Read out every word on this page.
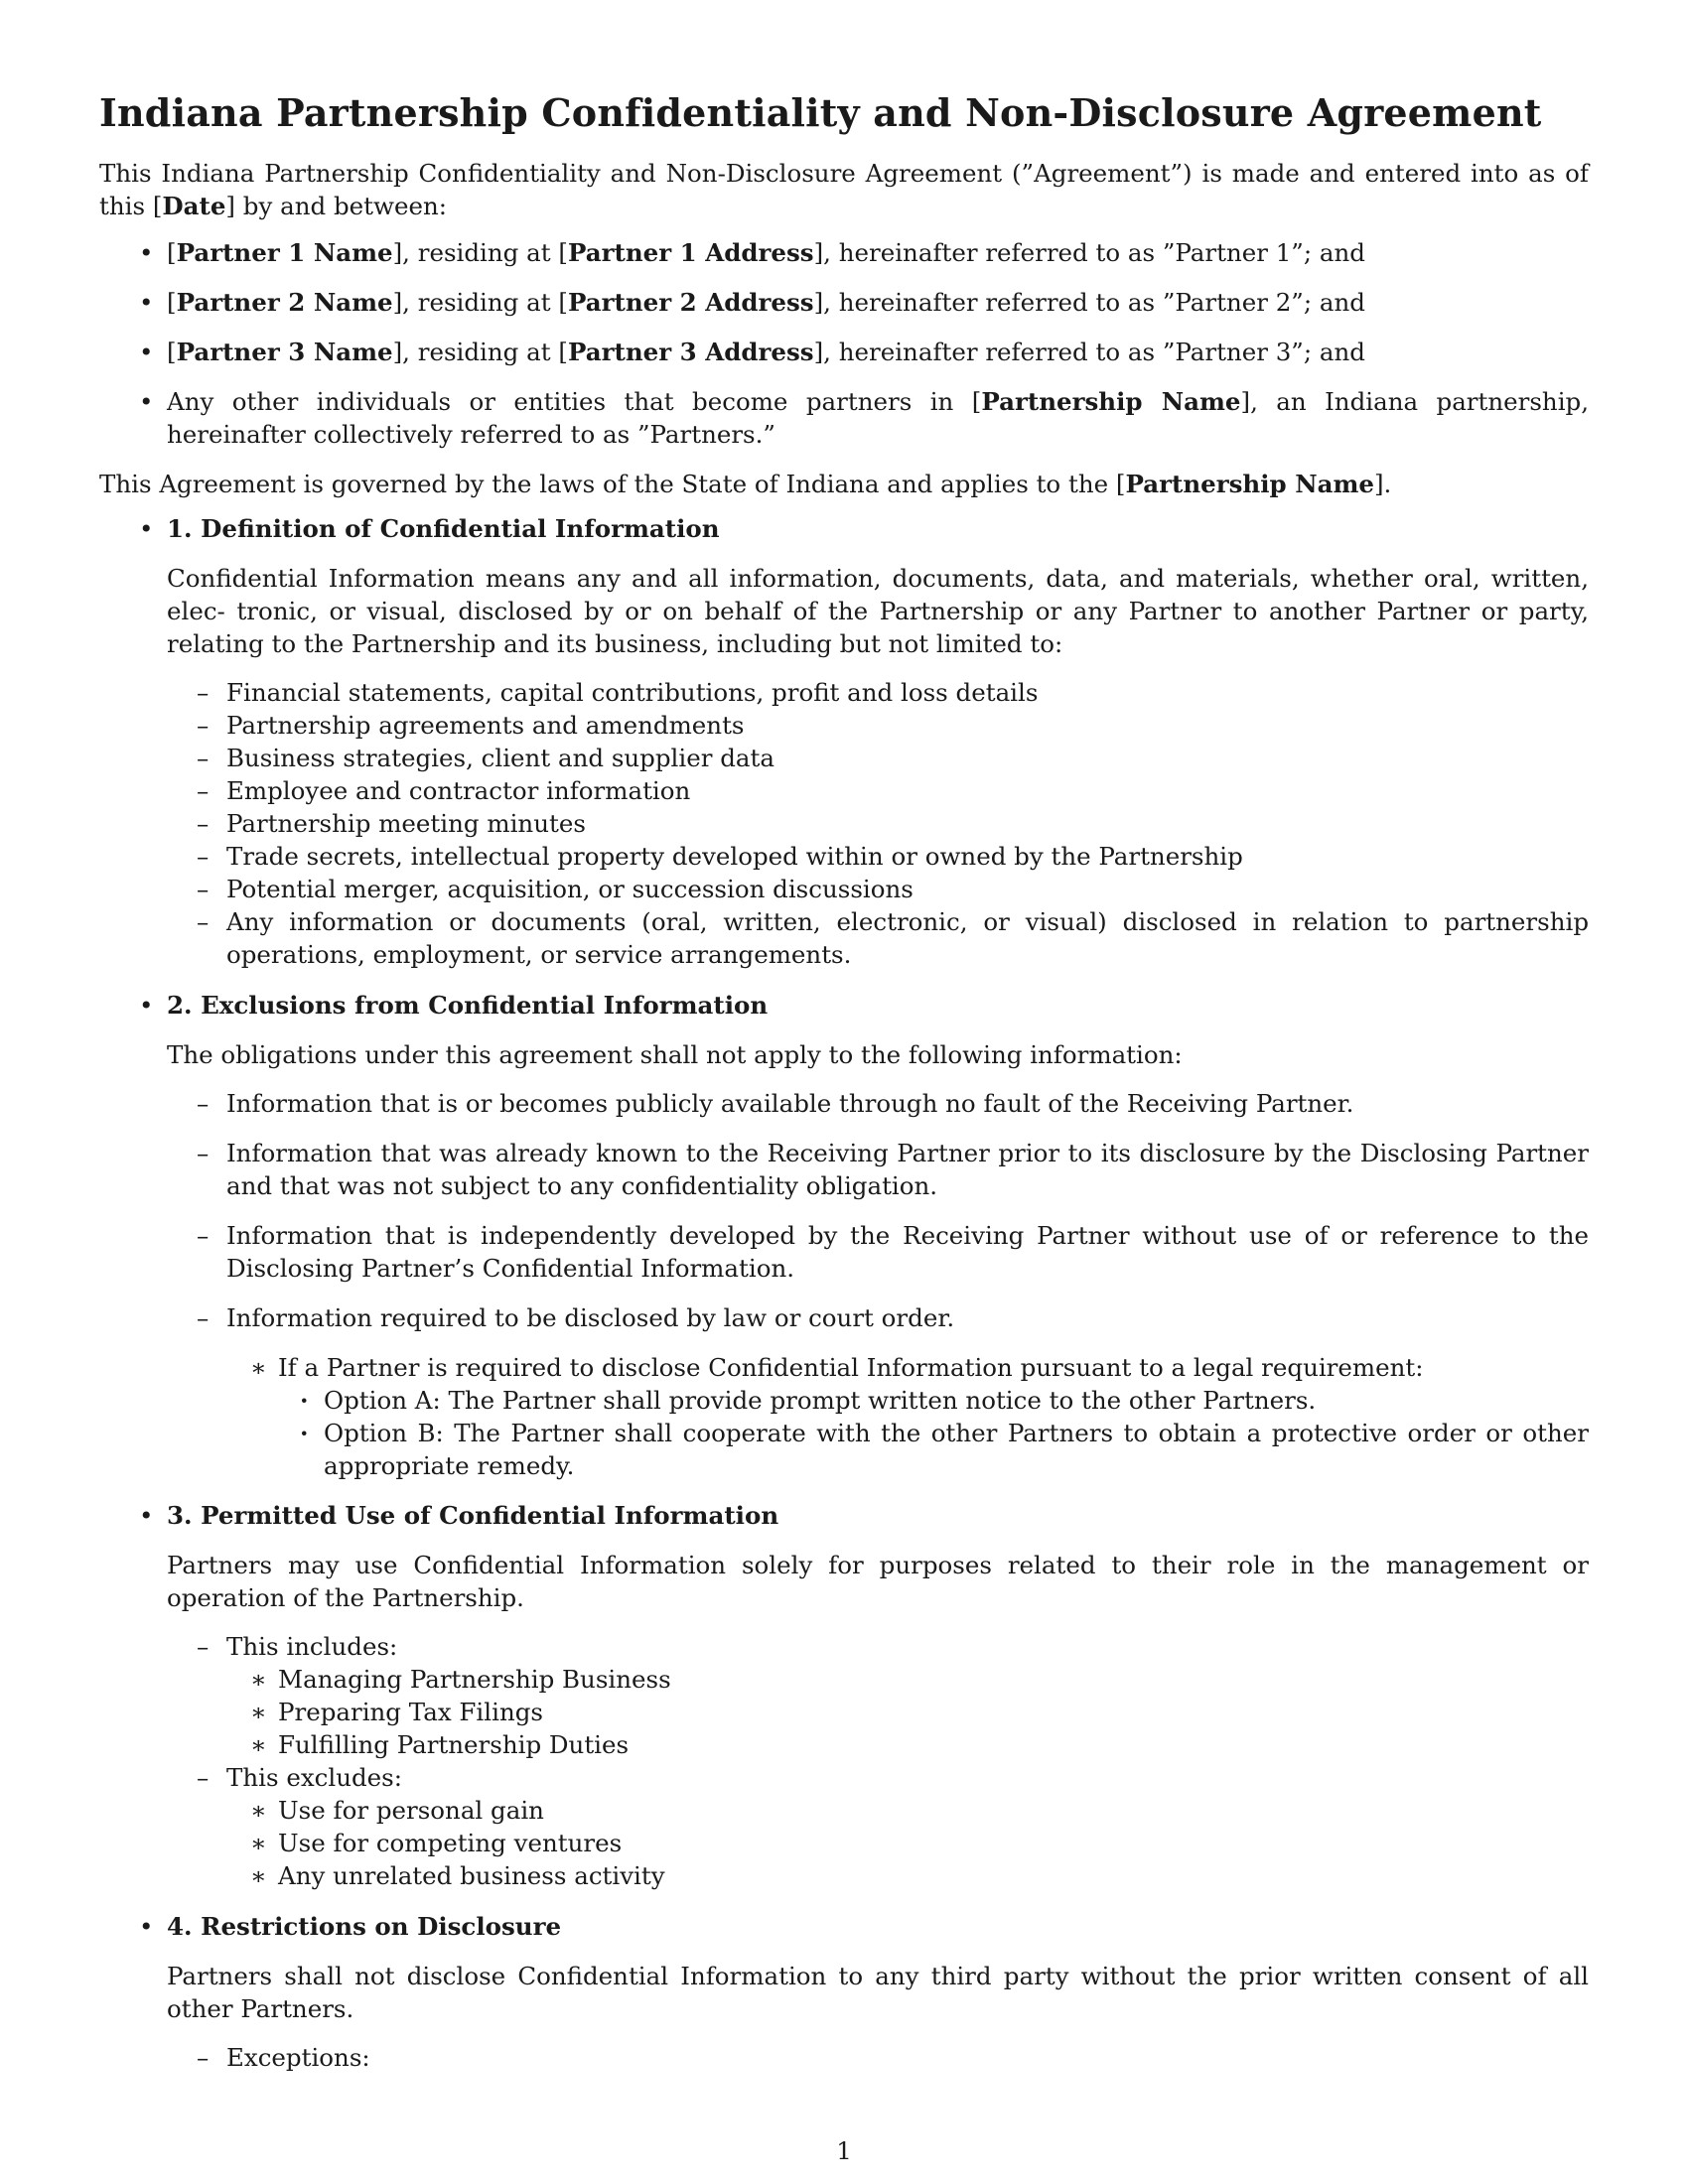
Indiana Partnership Confidentiality and Non-Disclosure Agreement

This Indiana Partnership Confidentiality and Non-Disclosure Agreement (”Agreement”) is made and entered into as of this [Date] by and between:

• [Partner 1 Name], residing at [Partner 1 Address], hereinafter referred to as ”Partner 1”; and
• [Partner 2 Name], residing at [Partner 2 Address], hereinafter referred to as ”Partner 2”; and
• [Partner 3 Name], residing at [Partner 3 Address], hereinafter referred to as ”Partner 3”; and
• Any other individuals or entities that become partners in [Partnership Name], an Indiana partnership, hereinafter collectively referred to as ”Partners.”

This Agreement is governed by the laws of the State of Indiana and applies to the [Partnership Name].

• 1. Definition of Confidential Information

Confidential Information means any and all information, documents, data, and materials, whether oral, written, elec- tronic, or visual, disclosed by or on behalf of the Partnership or any Partner to another Partner or party, relating to the Partnership and its business, including but not limited to:

– Financial statements, capital contributions, profit and loss details
– Partnership agreements and amendments
– Business strategies, client and supplier data
– Employee and contractor information
– Partnership meeting minutes
– Trade secrets, intellectual property developed within or owned by the Partnership
– Potential merger, acquisition, or succession discussions
– Any information or documents (oral, written, electronic, or visual) disclosed in relation to partnership operations, employment, or service arrangements.
• 2. Exclusions from Confidential Information

The obligations under this agreement shall not apply to the following information:

– Information that is or becomes publicly available through no fault of the Receiving Partner.
– Information that was already known to the Receiving Partner prior to its disclosure by the Disclosing Partner and that was not subject to any confidentiality obligation.
– Information that is independently developed by the Receiving Partner without use of or reference to the Disclosing Partner’s Confidential Information.
– Information required to be disclosed by law or court order.
∗ If a Partner is required to disclose Confidential Information pursuant to a legal requirement:
· Option A: The Partner shall provide prompt written notice to the other Partners.
· Option B: The Partner shall cooperate with the other Partners to obtain a protective order or other appropriate remedy.
• 3. Permitted Use of Confidential Information

Partners may use Confidential Information solely for purposes related to their role in the management or operation of the Partnership.

– This includes:
∗ Managing Partnership Business
∗ Preparing Tax Filings
∗ Fulfilling Partnership Duties
– This excludes:
∗ Use for personal gain
∗ Use for competing ventures
∗ Any unrelated business activity
• 4. Restrictions on Disclosure

Partners shall not disclose Confidential Information to any third party without the prior written consent of all other Partners.

– Exceptions:
1
